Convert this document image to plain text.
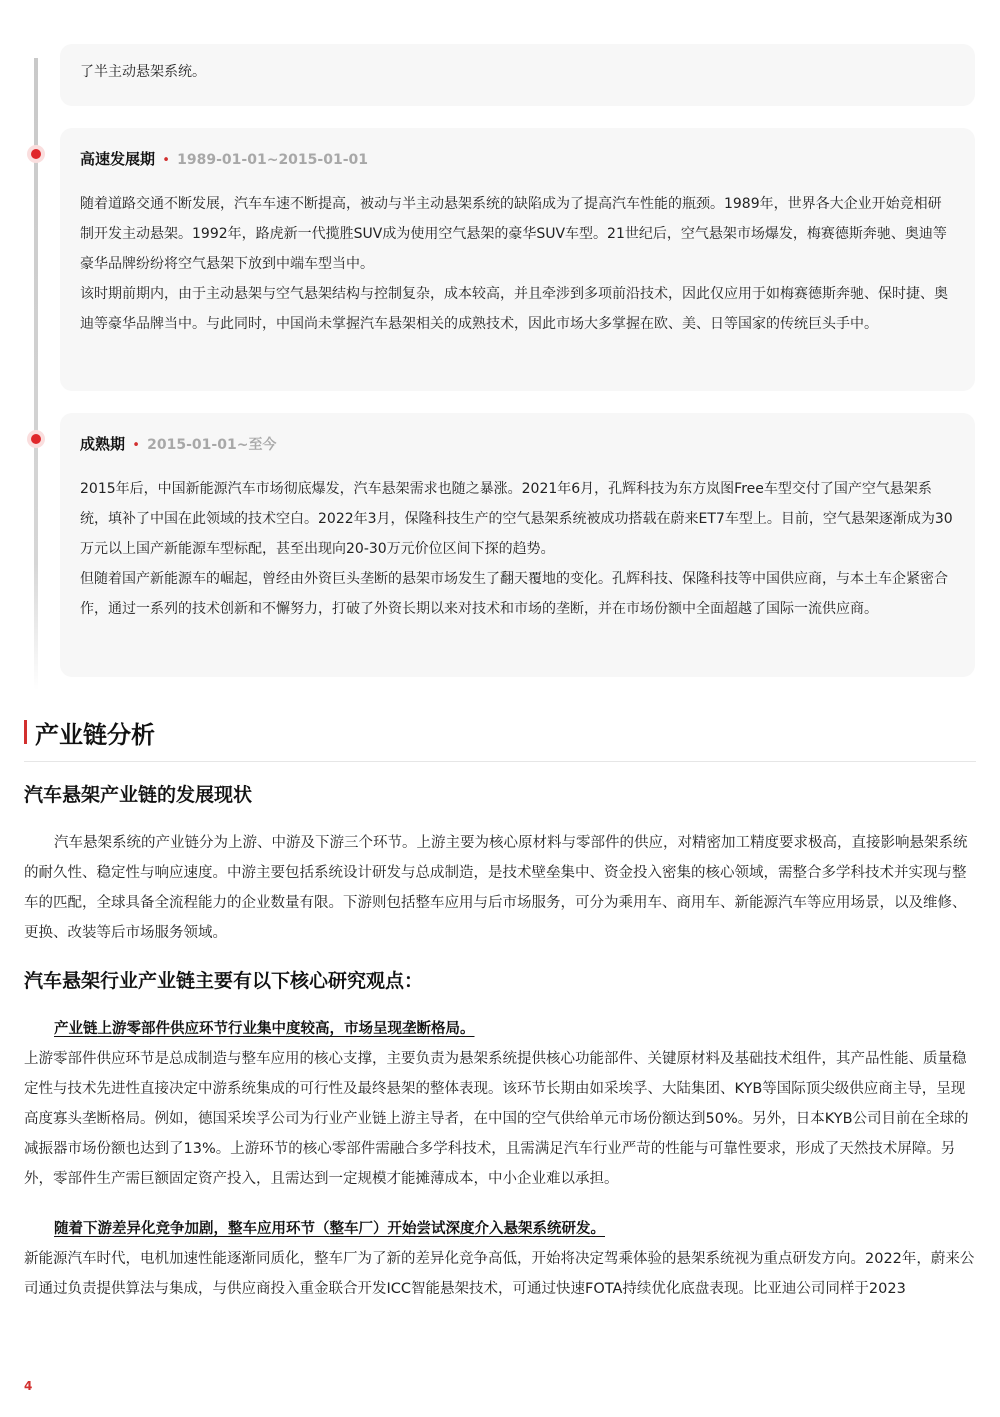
了半主动悬架系统。

高速发展期 • 1989-01-01~2015-01-01

随着道路交通不断发展，汽车车速不断提高，被动与半主动悬架系统的缺陷成为了提高汽车性能的瓶颈。1989年，世界各大企业开始竞相研制开发主动悬架。1992年，路虎新一代揽胜SUV成为使用空气悬架的豪华SUV车型。21世纪后，空气悬架市场爆发，梅赛德斯奔驰、奥迪等豪华品牌纷纷将空气悬架下放到中端车型当中。

该时期前期内，由于主动悬架与空气悬架结构与控制复杂，成本较高，并且牵涉到多项前沿技术，因此仅应用于如梅赛德斯奔驰、保时捷、奥迪等豪华品牌当中。与此同时，中国尚未掌握汽车悬架相关的成熟技术，因此市场大多掌握在欧、美、日等国家的传统巨头手中。

成熟期 • 2015-01-01~至今

2015年后，中国新能源汽车市场彻底爆发，汽车悬架需求也随之暴涨。2021年6月，孔辉科技为东方岚图Free车型交付了国产空气悬架系统，填补了中国在此领域的技术空白。2022年3月，保隆科技生产的空气悬架系统被成功搭载在蔚来ET7车型上。目前，空气悬架逐渐成为30万元以上国产新能源车型标配，甚至出现向20-30万元价位区间下探的趋势。

但随着国产新能源车的崛起，曾经由外资巨头垄断的悬架市场发生了翻天覆地的变化。孔辉科技、保隆科技等中国供应商，与本土车企紧密合作，通过一系列的技术创新和不懈努力，打破了外资长期以来对技术和市场的垄断，并在市场份额中全面超越了国际一流供应商。

产业链分析
汽车悬架产业链的发展现状

汽车悬架系统的产业链分为上游、中游及下游三个环节。上游主要为核心原材料与零部件的供应，对精密加工精度要求极高，直接影响悬架系统的耐久性、稳定性与响应速度。中游主要包括系统设计研发与总成制造，是技术壁垒集中、资金投入密集的核心领域，需整合多学科技术并实现与整车的匹配，全球具备全流程能力的企业数量有限。下游则包括整车应用与后市场服务，可分为乘用车、商用车、新能源汽车等应用场景，以及维修、更换、改装等后市场服务领域。

汽车悬架行业产业链主要有以下核心研究观点：
产业链上游零部件供应环节行业集中度较高，市场呈现垄断格局。

上游零部件供应环节是总成制造与整车应用的核心支撑，主要负责为悬架系统提供核心功能部件、关键原材料及基础技术组件，其产品性能、质量稳定性与技术先进性直接决定中游系统集成的可行性及最终悬架的整体表现。该环节长期由如采埃孚、大陆集团、KYB等国际顶尖级供应商主导，呈现高度寡头垄断格局。例如，德国采埃孚公司为行业产业链上游主导者，在中国的空气供给单元市场份额达到50%。另外，日本KYB公司目前在全球的减振器市场份额也达到了13%。上游环节的核心零部件需融合多学科技术，且需满足汽车行业严苛的性能与可靠性要求，形成了天然技术屏障。另外，零部件生产需巨额固定资产投入，且需达到一定规模才能摊薄成本，中小企业难以承担。

随着下游差异化竞争加剧，整车应用环节（整车厂）开始尝试深度介入悬架系统研发。

新能源汽车时代，电机加速性能逐渐同质化，整车厂为了新的差异化竞争高低，开始将决定驾乘体验的悬架系统视为重点研发方向。2022年，蔚来公司通过负责提供算法与集成，与供应商投入重金联合开发ICC智能悬架技术，可通过快速FOTA持续优化底盘表现。比亚迪公司同样于2023

4
